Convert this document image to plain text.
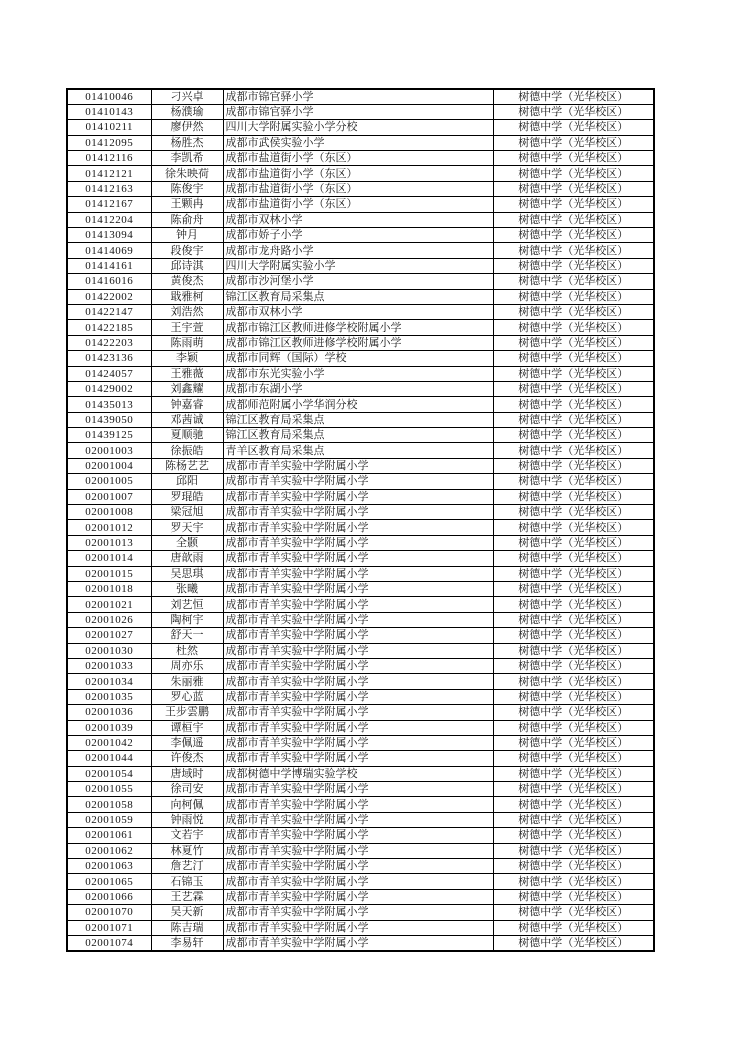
01410046	刁兴卓	成都市锦官驿小学	树德中学（光华校区）
01410143	杨濮瑜	成都市锦官驿小学	树德中学（光华校区）
01410211	廖伊然	四川大学附属实验小学分校	树德中学（光华校区）
01412095	杨胜杰	成都市武侯实验小学	树德中学（光华校区）
01412116	李凯希	成都市盐道街小学（东区）	树德中学（光华校区）
01412121	徐朱映荷	成都市盐道街小学（东区）	树德中学（光华校区）
01412163	陈俊宇	成都市盐道街小学（东区）	树德中学（光华校区）
01412167	王颗冉	成都市盐道街小学（东区）	树德中学（光华校区）
01412204	陈俞舟	成都市双林小学	树德中学（光华校区）
01413094	钟月	成都市娇子小学	树德中学（光华校区）
01414069	段俊宇	成都市龙舟路小学	树德中学（光华校区）
01414161	邱诗淇	四川大学附属实验小学	树德中学（光华校区）
01416016	黄俊杰	成都市沙河堡小学	树德中学（光华校区）
01422002	戢雅柯	锦江区教育局采集点	树德中学（光华校区）
01422147	刘浩然	成都市双林小学	树德中学（光华校区）
01422185	王宇萱	成都市锦江区教师进修学校附属小学	树德中学（光华校区）
01422203	陈雨萌	成都市锦江区教师进修学校附属小学	树德中学（光华校区）
01423136	李颖	成都市同辉（国际）学校	树德中学（光华校区）
01424057	王雅薇	成都市东光实验小学	树德中学（光华校区）
01429002	刘鑫耀	成都市东湖小学	树德中学（光华校区）
01435013	钟嘉睿	成都师范附属小学华润分校	树德中学（光华校区）
01439050	邓茜诚	锦江区教育局采集点	树德中学（光华校区）
01439125	夏顺驰	锦江区教育局采集点	树德中学（光华校区）
02001003	徐振皓	青羊区教育局采集点	树德中学（光华校区）
02001004	陈杨艺艺	成都市青羊实验中学附属小学	树德中学（光华校区）
02001005	邱阳	成都市青羊实验中学附属小学	树德中学（光华校区）
02001007	罗琨皓	成都市青羊实验中学附属小学	树德中学（光华校区）
02001008	梁冠旭	成都市青羊实验中学附属小学	树德中学（光华校区）
02001012	罗天宇	成都市青羊实验中学附属小学	树德中学（光华校区）
02001013	全颢	成都市青羊实验中学附属小学	树德中学（光华校区）
02001014	唐歆雨	成都市青羊实验中学附属小学	树德中学（光华校区）
02001015	吴思琪	成都市青羊实验中学附属小学	树德中学（光华校区）
02001018	张曦	成都市青羊实验中学附属小学	树德中学（光华校区）
02001021	刘艺恒	成都市青羊实验中学附属小学	树德中学（光华校区）
02001026	陶柯宇	成都市青羊实验中学附属小学	树德中学（光华校区）
02001027	舒天一	成都市青羊实验中学附属小学	树德中学（光华校区）
02001030	杜然	成都市青羊实验中学附属小学	树德中学（光华校区）
02001033	周亦乐	成都市青羊实验中学附属小学	树德中学（光华校区）
02001034	朱丽雅	成都市青羊实验中学附属小学	树德中学（光华校区）
02001035	罗心蓝	成都市青羊实验中学附属小学	树德中学（光华校区）
02001036	王步雲鹏	成都市青羊实验中学附属小学	树德中学（光华校区）
02001039	谭桓宇	成都市青羊实验中学附属小学	树德中学（光华校区）
02001042	李佩遥	成都市青羊实验中学附属小学	树德中学（光华校区）
02001044	许俊杰	成都市青羊实验中学附属小学	树德中学（光华校区）
02001054	唐域时	成都树德中学博瑞实验学校	树德中学（光华校区）
02001055	徐司安	成都市青羊实验中学附属小学	树德中学（光华校区）
02001058	向柯佩	成都市青羊实验中学附属小学	树德中学（光华校区）
02001059	钟雨悦	成都市青羊实验中学附属小学	树德中学（光华校区）
02001061	文若宇	成都市青羊实验中学附属小学	树德中学（光华校区）
02001062	林夏竹	成都市青羊实验中学附属小学	树德中学（光华校区）
02001063	詹艺汀	成都市青羊实验中学附属小学	树德中学（光华校区）
02001065	石锦玉	成都市青羊实验中学附属小学	树德中学（光华校区）
02001066	王艺霖	成都市青羊实验中学附属小学	树德中学（光华校区）
02001070	吴天新	成都市青羊实验中学附属小学	树德中学（光华校区）
02001071	陈吉瑞	成都市青羊实验中学附属小学	树德中学（光华校区）
02001074	李易轩	成都市青羊实验中学附属小学	树德中学（光华校区）
